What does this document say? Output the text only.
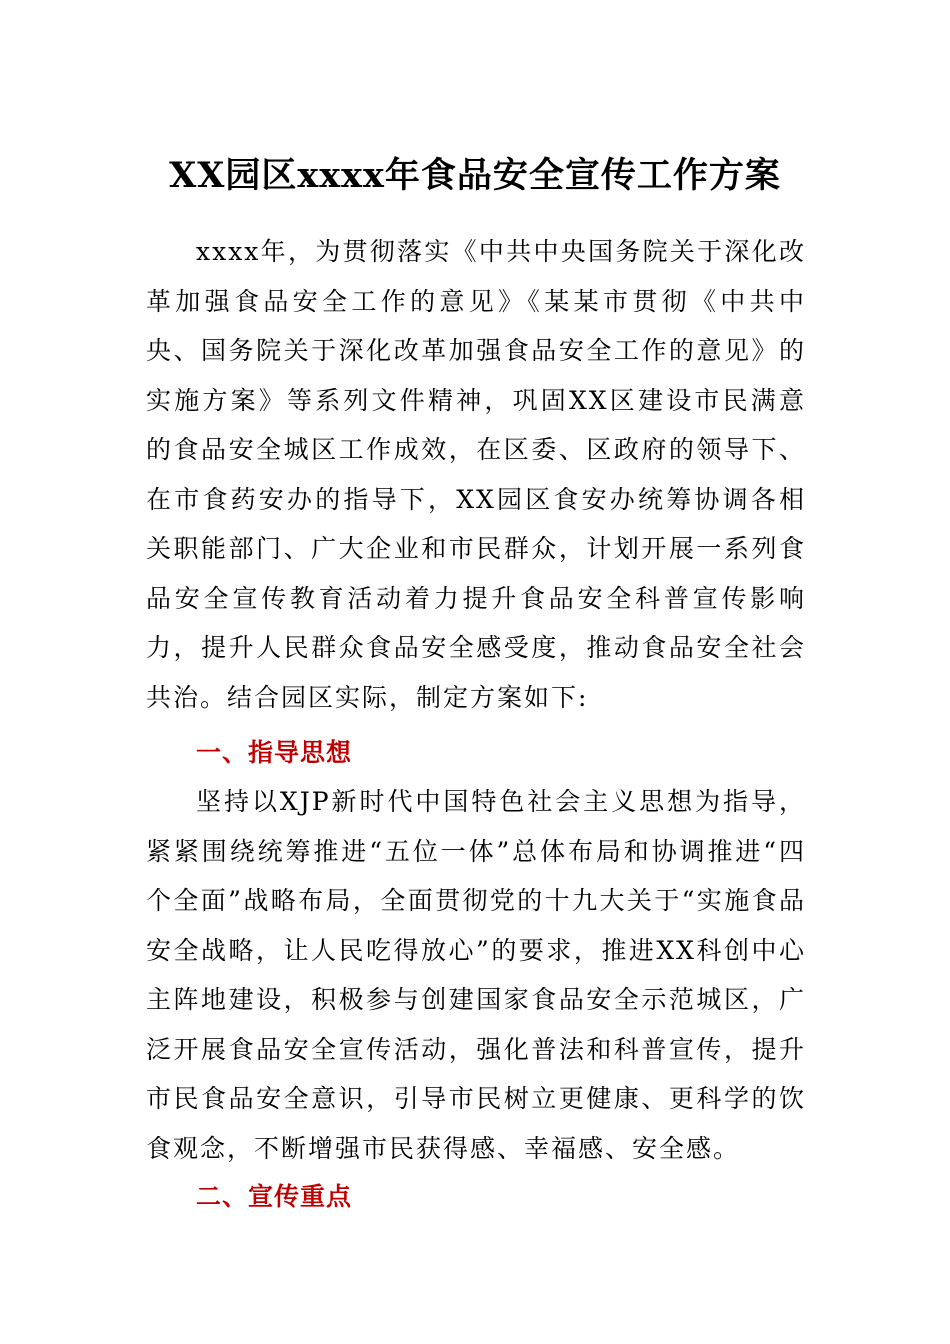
XX园区xxxx年食品安全宣传工作方案

xxxx年，为贯彻落实《中共中央国务院关于深化改革加强食品安全工作的意见》《某某市贯彻《中共中央、国务院关于深化改革加强食品安全工作的意见》的实施方案》等系列文件精神，巩固XX区建设市民满意的食品安全城区工作成效，在区委、区政府的领导下、在市食药安办的指导下，XX园区食安办统筹协调各相关职能部门、广大企业和市民群众，计划开展一系列食品安全宣传教育活动着力提升食品安全科普宣传影响力，提升人民群众食品安全感受度，推动食品安全社会共治。结合园区实际，制定方案如下:

一、指导思想

坚持以XJP新时代中国特色社会主义思想为指导，紧紧围绕统筹推进“五位一体”总体布局和协调推进“四个全面”战略布局，全面贯彻党的十九大关于“实施食品安全战略，让人民吃得放心”的要求，推进XX科创中心主阵地建设，积极参与创建国家食品安全示范城区，广泛开展食品安全宣传活动，强化普法和科普宣传，提升市民食品安全意识，引导市民树立更健康、更科学的饮食观念，不断增强市民获得感、幸福感、安全感。

二、宣传重点
